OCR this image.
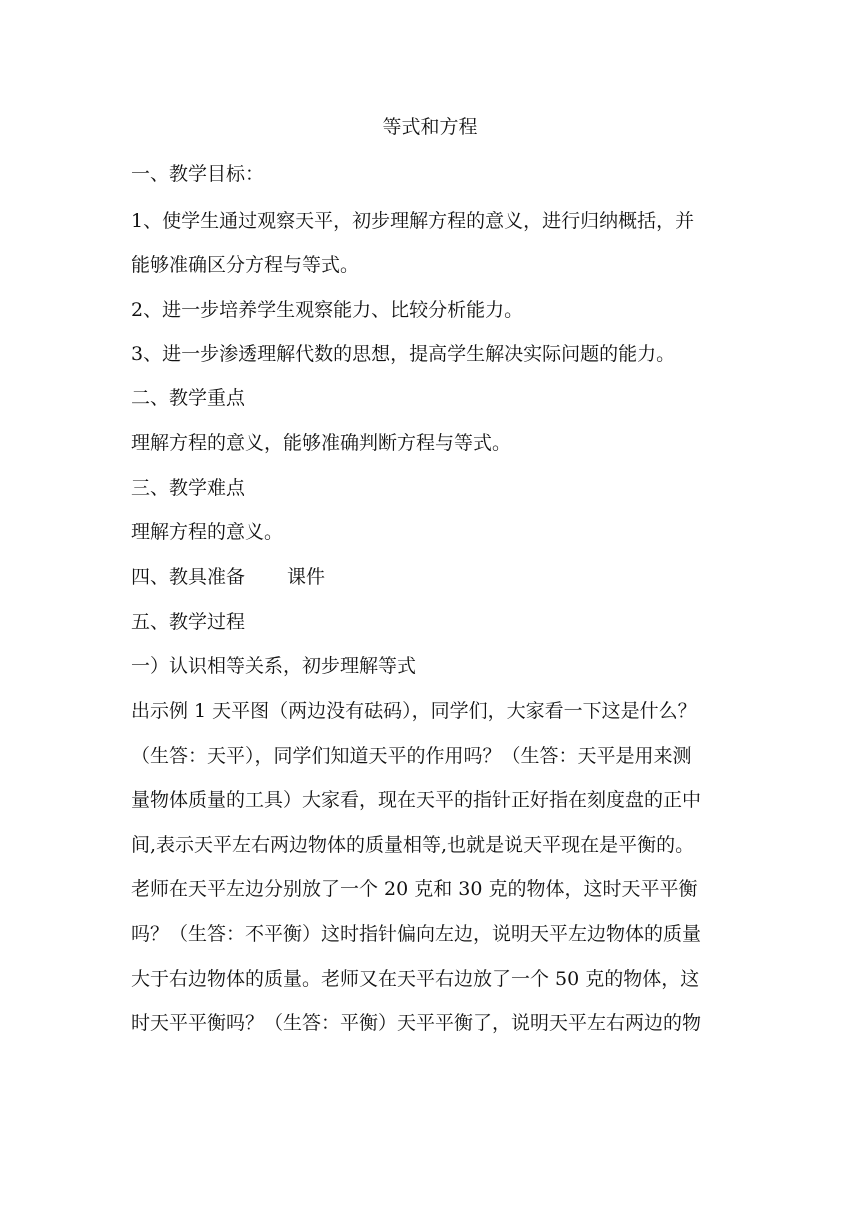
等式和方程
一、教学目标：
1、使学生通过观察天平，初步理解方程的意义，进行归纳概括，并
能够准确区分方程与等式。
2、进一步培养学生观察能力、比较分析能力。
3、进一步渗透理解代数的思想，提高学生解决实际问题的能力。
二、教学重点
理解方程的意义，能够准确判断方程与等式。
三、教学难点
理解方程的意义。
四、教具准备 课件
五、教学过程
一）认识相等关系，初步理解等式
出示例 1 天平图（两边没有砝码），同学们，大家看一下这是什么？
（生答：天平），同学们知道天平的作用吗？（生答：天平是用来测
量物体质量的工具）大家看，现在天平的指针正好指在刻度盘的正中
间,表示天平左右两边物体的质量相等,也就是说天平现在是平衡的。
老师在天平左边分别放了一个 20 克和 30 克的物体，这时天平平衡
吗？（生答：不平衡）这时指针偏向左边，说明天平左边物体的质量
大于右边物体的质量。老师又在天平右边放了一个 50 克的物体，这
时天平平衡吗？（生答：平衡）天平平衡了，说明天平左右两边的物
